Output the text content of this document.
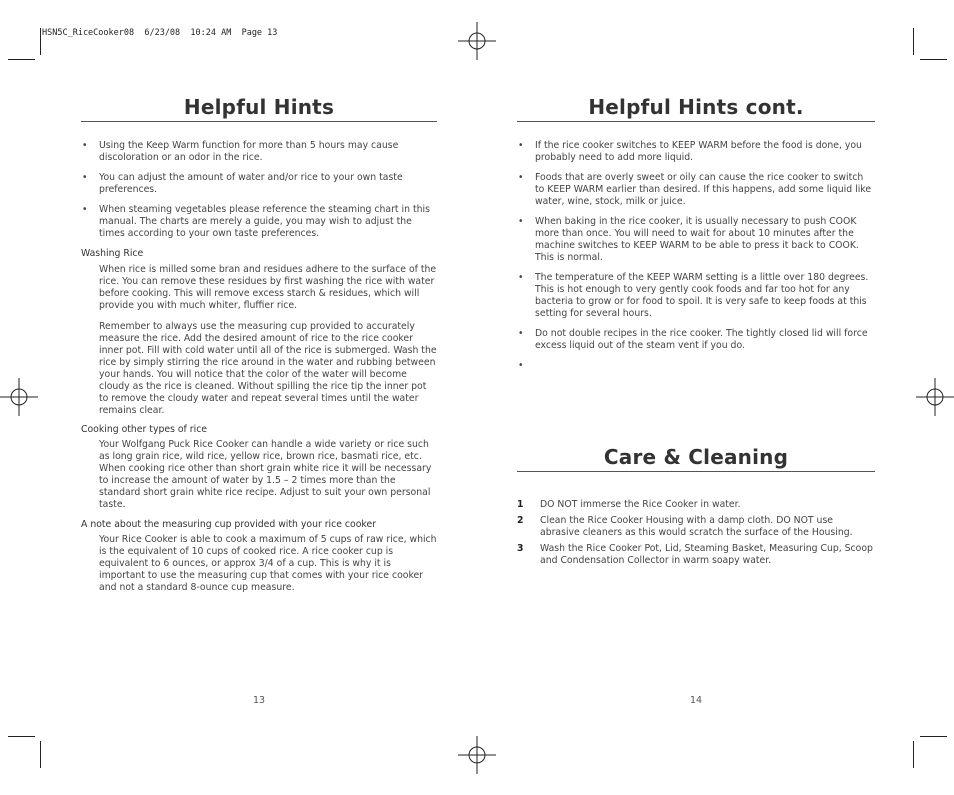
HSN5C_RiceCooker08  6/23/08  10:24 AM  Page 13
Helpful Hints
• Using the Keep Warm function for more than 5 hours may cause discoloration or an odor in the rice.
• You can adjust the amount of water and/or rice to your own taste preferences.
• When steaming vegetables please reference the steaming chart in this manual. The charts are merely a guide, you may wish to adjust the times according to your own taste preferences.

Washing Rice

When rice is milled some bran and residues adhere to the surface of the rice. You can remove these residues by first washing the rice with water before cooking. This will remove excess starch & residues, which will provide you with much whiter, fluffier rice.

Remember to always use the measuring cup provided to accurately measure the rice. Add the desired amount of rice to the rice cooker inner pot. Fill with cold water until all of the rice is submerged. Wash the rice by simply stirring the rice around in the water and rubbing between your hands. You will notice that the color of the water will become cloudy as the rice is cleaned. Without spilling the rice tip the inner pot to remove the cloudy water and repeat several times until the water remains clear.

Cooking other types of rice

Your Wolfgang Puck Rice Cooker can handle a wide variety or rice such as long grain rice, wild rice, yellow rice, brown rice, basmati rice, etc. When cooking rice other than short grain white rice it will be necessary to increase the amount of water by 1.5 – 2 times more than the standard short grain white rice recipe. Adjust to suit your own personal taste.

A note about the measuring cup provided with your rice cooker

Your Rice Cooker is able to cook a maximum of 5 cups of raw rice, which is the equivalent of 10 cups of cooked rice. A rice cooker cup is equivalent to 6 ounces, or approx 3/4 of a cup. This is why it is important to use the measuring cup that comes with your rice cooker and not a standard 8-ounce cup measure.

13
Helpful Hints cont.
• If the rice cooker switches to KEEP WARM before the food is done, you probably need to add more liquid.
• Foods that are overly sweet or oily can cause the rice cooker to switch to KEEP WARM earlier than desired. If this happens, add some liquid like water, wine, stock, milk or juice.
• When baking in the rice cooker, it is usually necessary to push COOK more than once. You will need to wait for about 10 minutes after the machine switches to KEEP WARM to be able to press it back to COOK. This is normal.
• The temperature of the KEEP WARM setting is a little over 180 degrees. This is hot enough to very gently cook foods and far too hot for any bacteria to grow or for food to spoil. It is very safe to keep foods at this setting for several hours.
• Do not double recipes in the rice cooker. The tightly closed lid will force excess liquid out of the steam vent if you do.
•
Care & Cleaning
1 DO NOT immerse the Rice Cooker in water.
2 Clean the Rice Cooker Housing with a damp cloth. DO NOT use abrasive cleaners as this would scratch the surface of the Housing.
3 Wash the Rice Cooker Pot, Lid, Steaming Basket, Measuring Cup, Scoop and Condensation Collector in warm soapy water.
14
